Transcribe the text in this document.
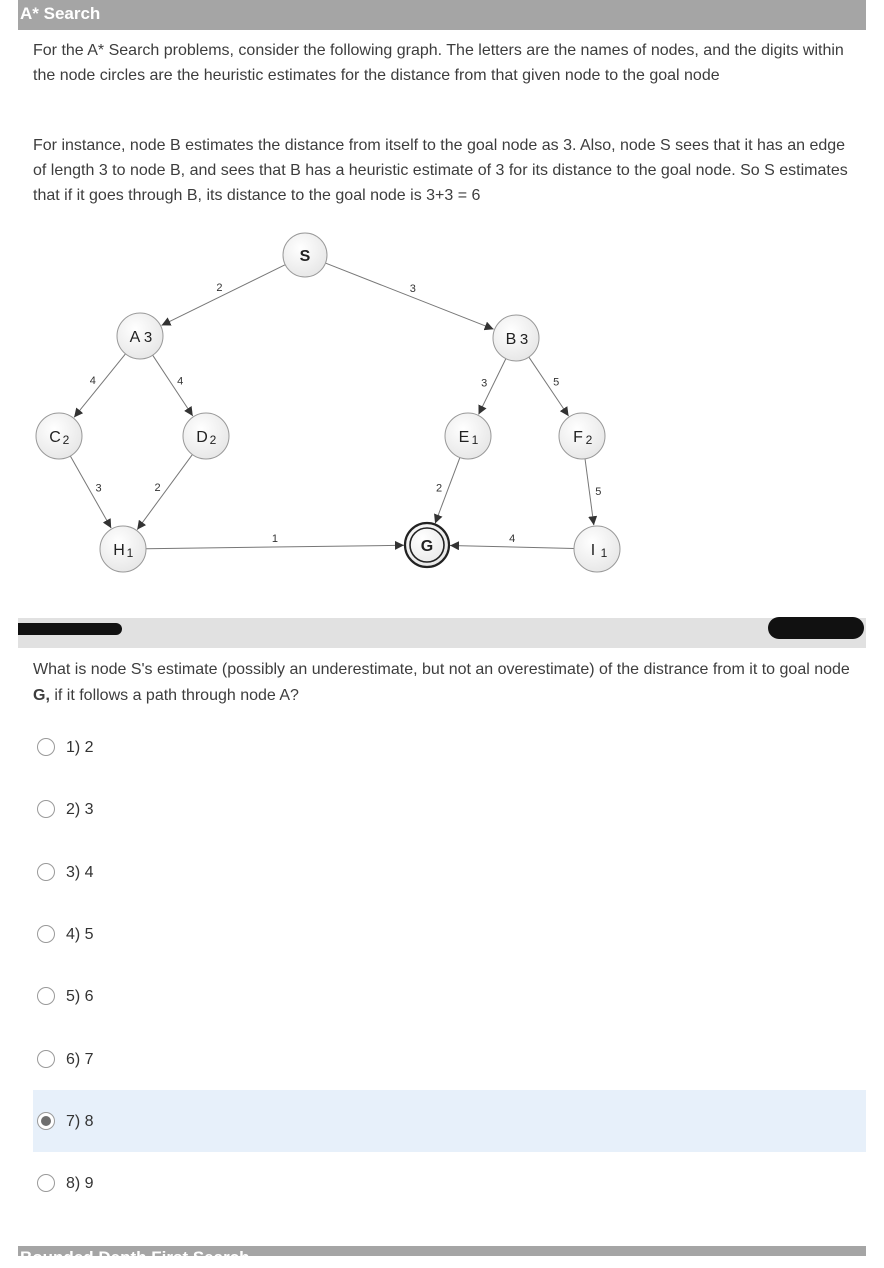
A* Search
For the A* Search problems, consider the following graph. The letters are the names of nodes, and the digits within the node circles are the heuristic estimates for the distance from that given node to the goal node
For instance, node B estimates the distance from itself to the goal node as 3. Also, node S sees that it has an edge of length 3 to node B, and sees that B has a heuristic estimate of 3 for its distance to the goal node. So S estimates that if it goes through B, its distance to the goal node is 3+3 = 6
2	3
4	4	3	5
3	2	2	5
1	4
S
A 3	B 3
C 2	D 2	E 1	F 2
H 1	G	I 1
What is node S's estimate (possibly an underestimate, but not an overestimate) of the distrance from it to goal node G, if it follows a path through node A?
1) 2
2) 3
3) 4
4) 5
5) 6
6) 7
7) 8
8) 9
Bounded Depth First Search
